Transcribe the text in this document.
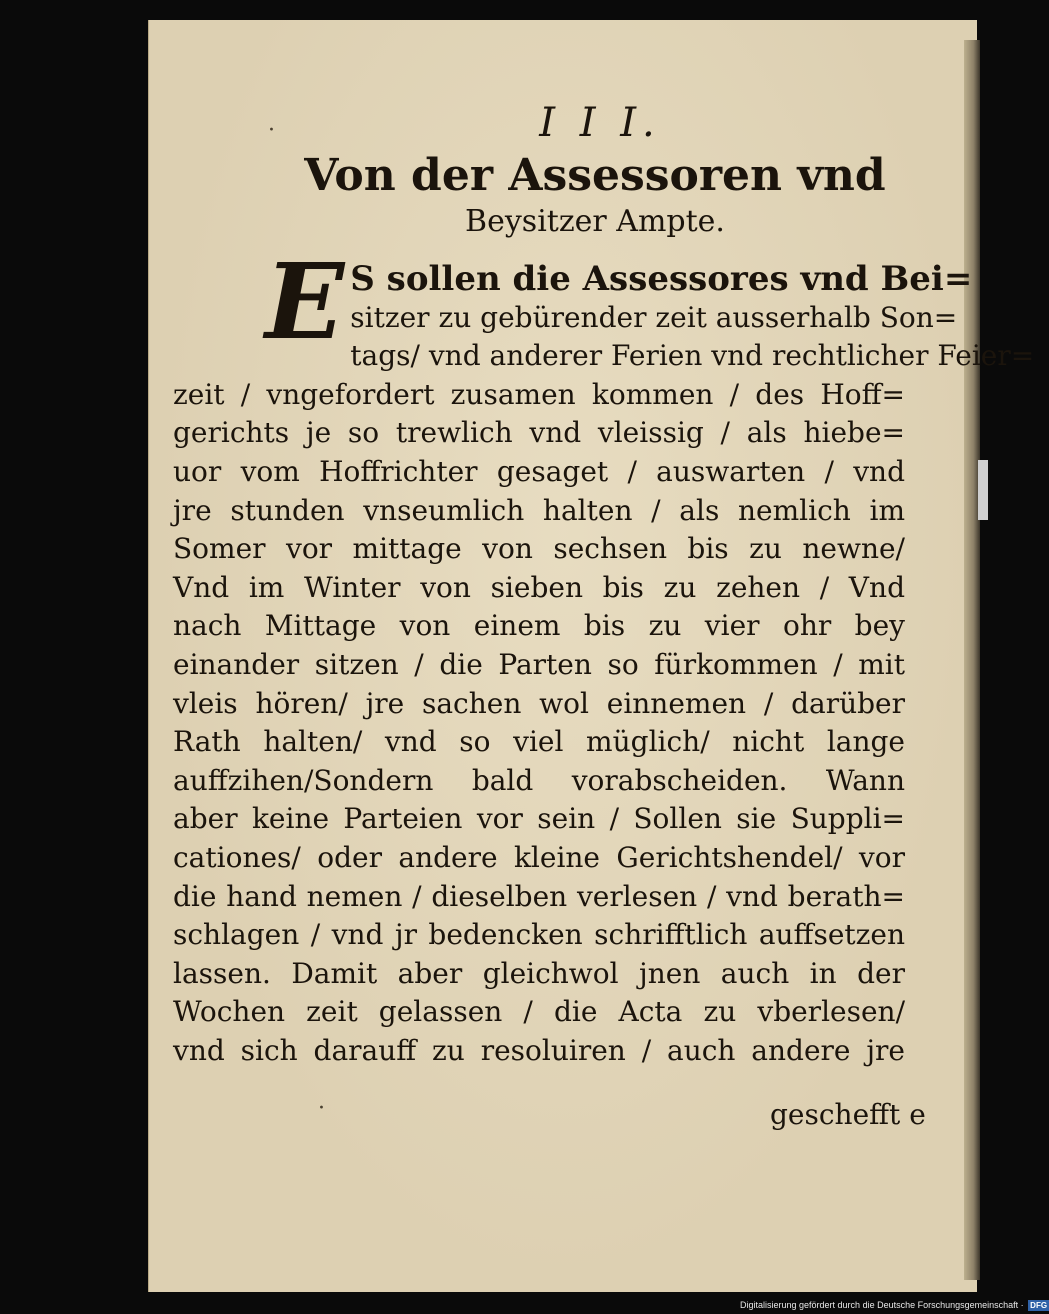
·
·

I I I.

Von der Assessoren vnd

Beysitzer Ampte.

E S sollen die Assessores vnd Bei=
sitzer zu gebürender zeit ausserhalb Son=
tags/ vnd anderer Ferien vnd rechtlicher Feier=
zeit / vngefordert zusamen kommen / des Hoff=
gerichts je so trewlich vnd vleissig / als hiebe=
uor vom Hoffrichter gesaget / auswarten / vnd
jre stunden vnseumlich halten / als nemlich im
Somer vor mittage von sechsen bis zu newne/
Vnd im Winter von sieben bis zu zehen / Vnd
nach Mittage von einem bis zu vier ohr bey
einander sitzen / die Parten so fürkommen / mit
vleis hören/ jre sachen wol einnemen / darüber
Rath halten/ vnd so viel müglich/ nicht lange
auffzihen/Sondern bald vorabscheiden. Wann
aber keine Parteien vor sein / Sollen sie Suppli=
cationes/ oder andere kleine Gerichtshendel/ vor
die hand nemen / dieselben verlesen / vnd berath=
schlagen / vnd jr bedencken schrifftlich auffsetzen
lassen. Damit aber gleichwol jnen auch in der
Wochen zeit gelassen / die Acta zu vberlesen/
vnd sich darauff zu resoluiren / auch andere jre
geschefft e
Digitalisierung gefördert durch die Deutsche Forschungsgemeinschaft · DFG
